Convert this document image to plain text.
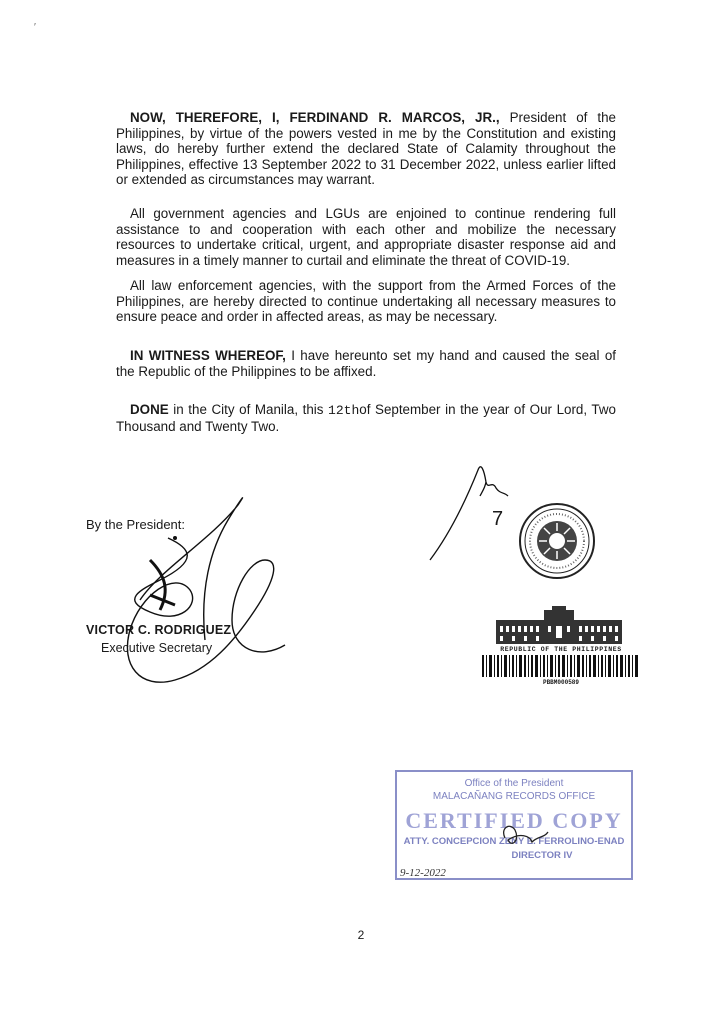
′
NOW, THEREFORE, I, FERDINAND R. MARCOS, JR., President of the Philippines, by virtue of the powers vested in me by the Constitution and existing laws, do hereby further extend the declared State of Calamity throughout the Philippines, effective 13 September 2022 to 31 December 2022, unless earlier lifted or extended as circumstances may warrant.
All government agencies and LGUs are enjoined to continue rendering full assistance to and cooperation with each other and mobilize the necessary resources to undertake critical, urgent, and appropriate disaster response aid and measures in a timely manner to curtail and eliminate the threat of COVID-19.
All law enforcement agencies, with the support from the Armed Forces of the Philippines, are hereby directed to continue undertaking all necessary measures to ensure peace and order in affected areas, as may be necessary.
IN WITNESS WHEREOF, I have hereunto set my hand and caused the seal of the Republic of the Philippines to be affixed.
DONE in the City of Manila, this 12thof September in the year of Our Lord, Two Thousand and Twenty Two.
By the President:
VICTOR C. RODRIGUEZ
Executive Secretary
7
REPUBLIC OF THE PHILIPPINES
PBBM000589
Office of the President
MALACAÑANG RECORDS OFFICE
CERTIFIED COPY
ATTY. CONCEPCION ZENY E. FERROLINO-ENAD
DIRECTOR IV
9-12-2022
2
